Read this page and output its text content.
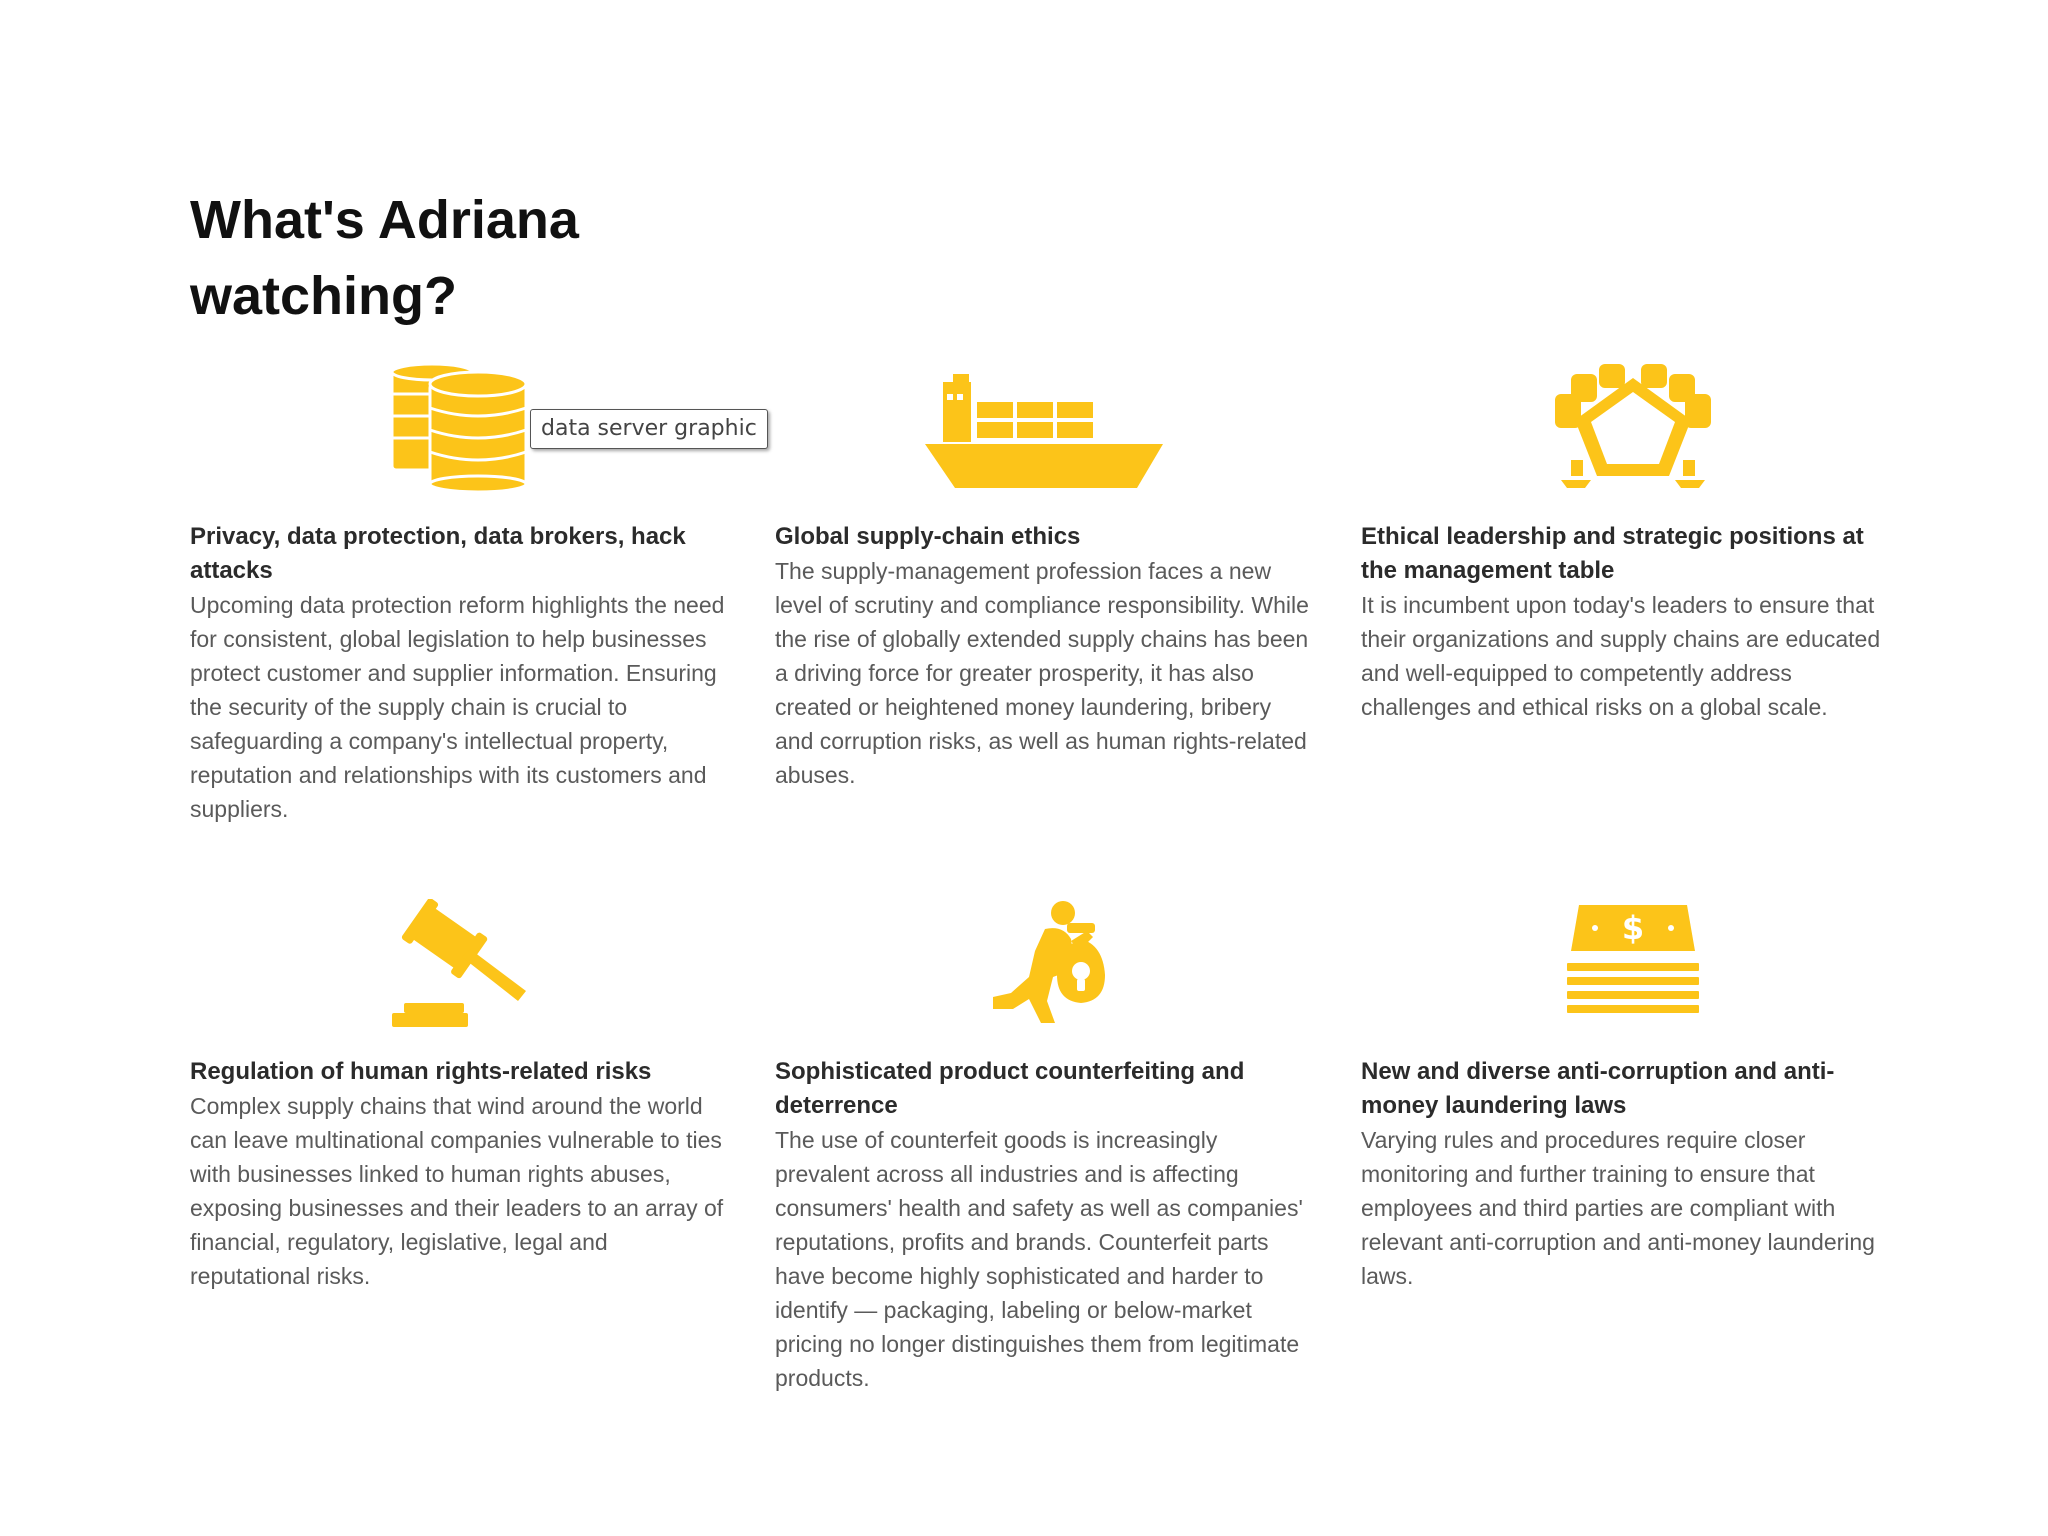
What's Adriana watching?
Privacy, data protection, data brokers, hack attacks

Upcoming data protection reform highlights the need for consistent, global legislation to help businesses protect customer and supplier information. Ensuring the security of the supply chain is crucial to safeguarding a company's intellectual property, reputation and relationships with its customers and suppliers.

Global supply-chain ethics

The supply-management profession faces a new level of scrutiny and compliance responsibility. While the rise of globally extended supply chains has been a driving force for greater prosperity, it has also created or heightened money laundering, bribery and corruption risks, as well as human rights-related abuses.

Ethical leadership and strategic positions at the management table

It is incumbent upon today's leaders to ensure that their organizations and supply chains are educated and well-equipped to competently address challenges and ethical risks on a global scale.

Regulation of human rights-related risks

Complex supply chains that wind around the world can leave multinational companies vulnerable to ties with businesses linked to human rights abuses, exposing businesses and their leaders to an array of financial, regulatory, legislative, legal and reputational risks.

Sophisticated product counterfeiting and deterrence

The use of counterfeit goods is increasingly prevalent across all industries and is affecting consumers' health and safety as well as companies' reputations, profits and brands. Counterfeit parts have become highly sophisticated and harder to identify — packaging, labeling or below-market pricing no longer distinguishes them from legitimate products.

$
New and diverse anti-corruption and anti-money laundering laws

Varying rules and procedures require closer monitoring and further training to ensure that employees and third parties are compliant with relevant anti-corruption and anti-money laundering laws.

data server graphic
